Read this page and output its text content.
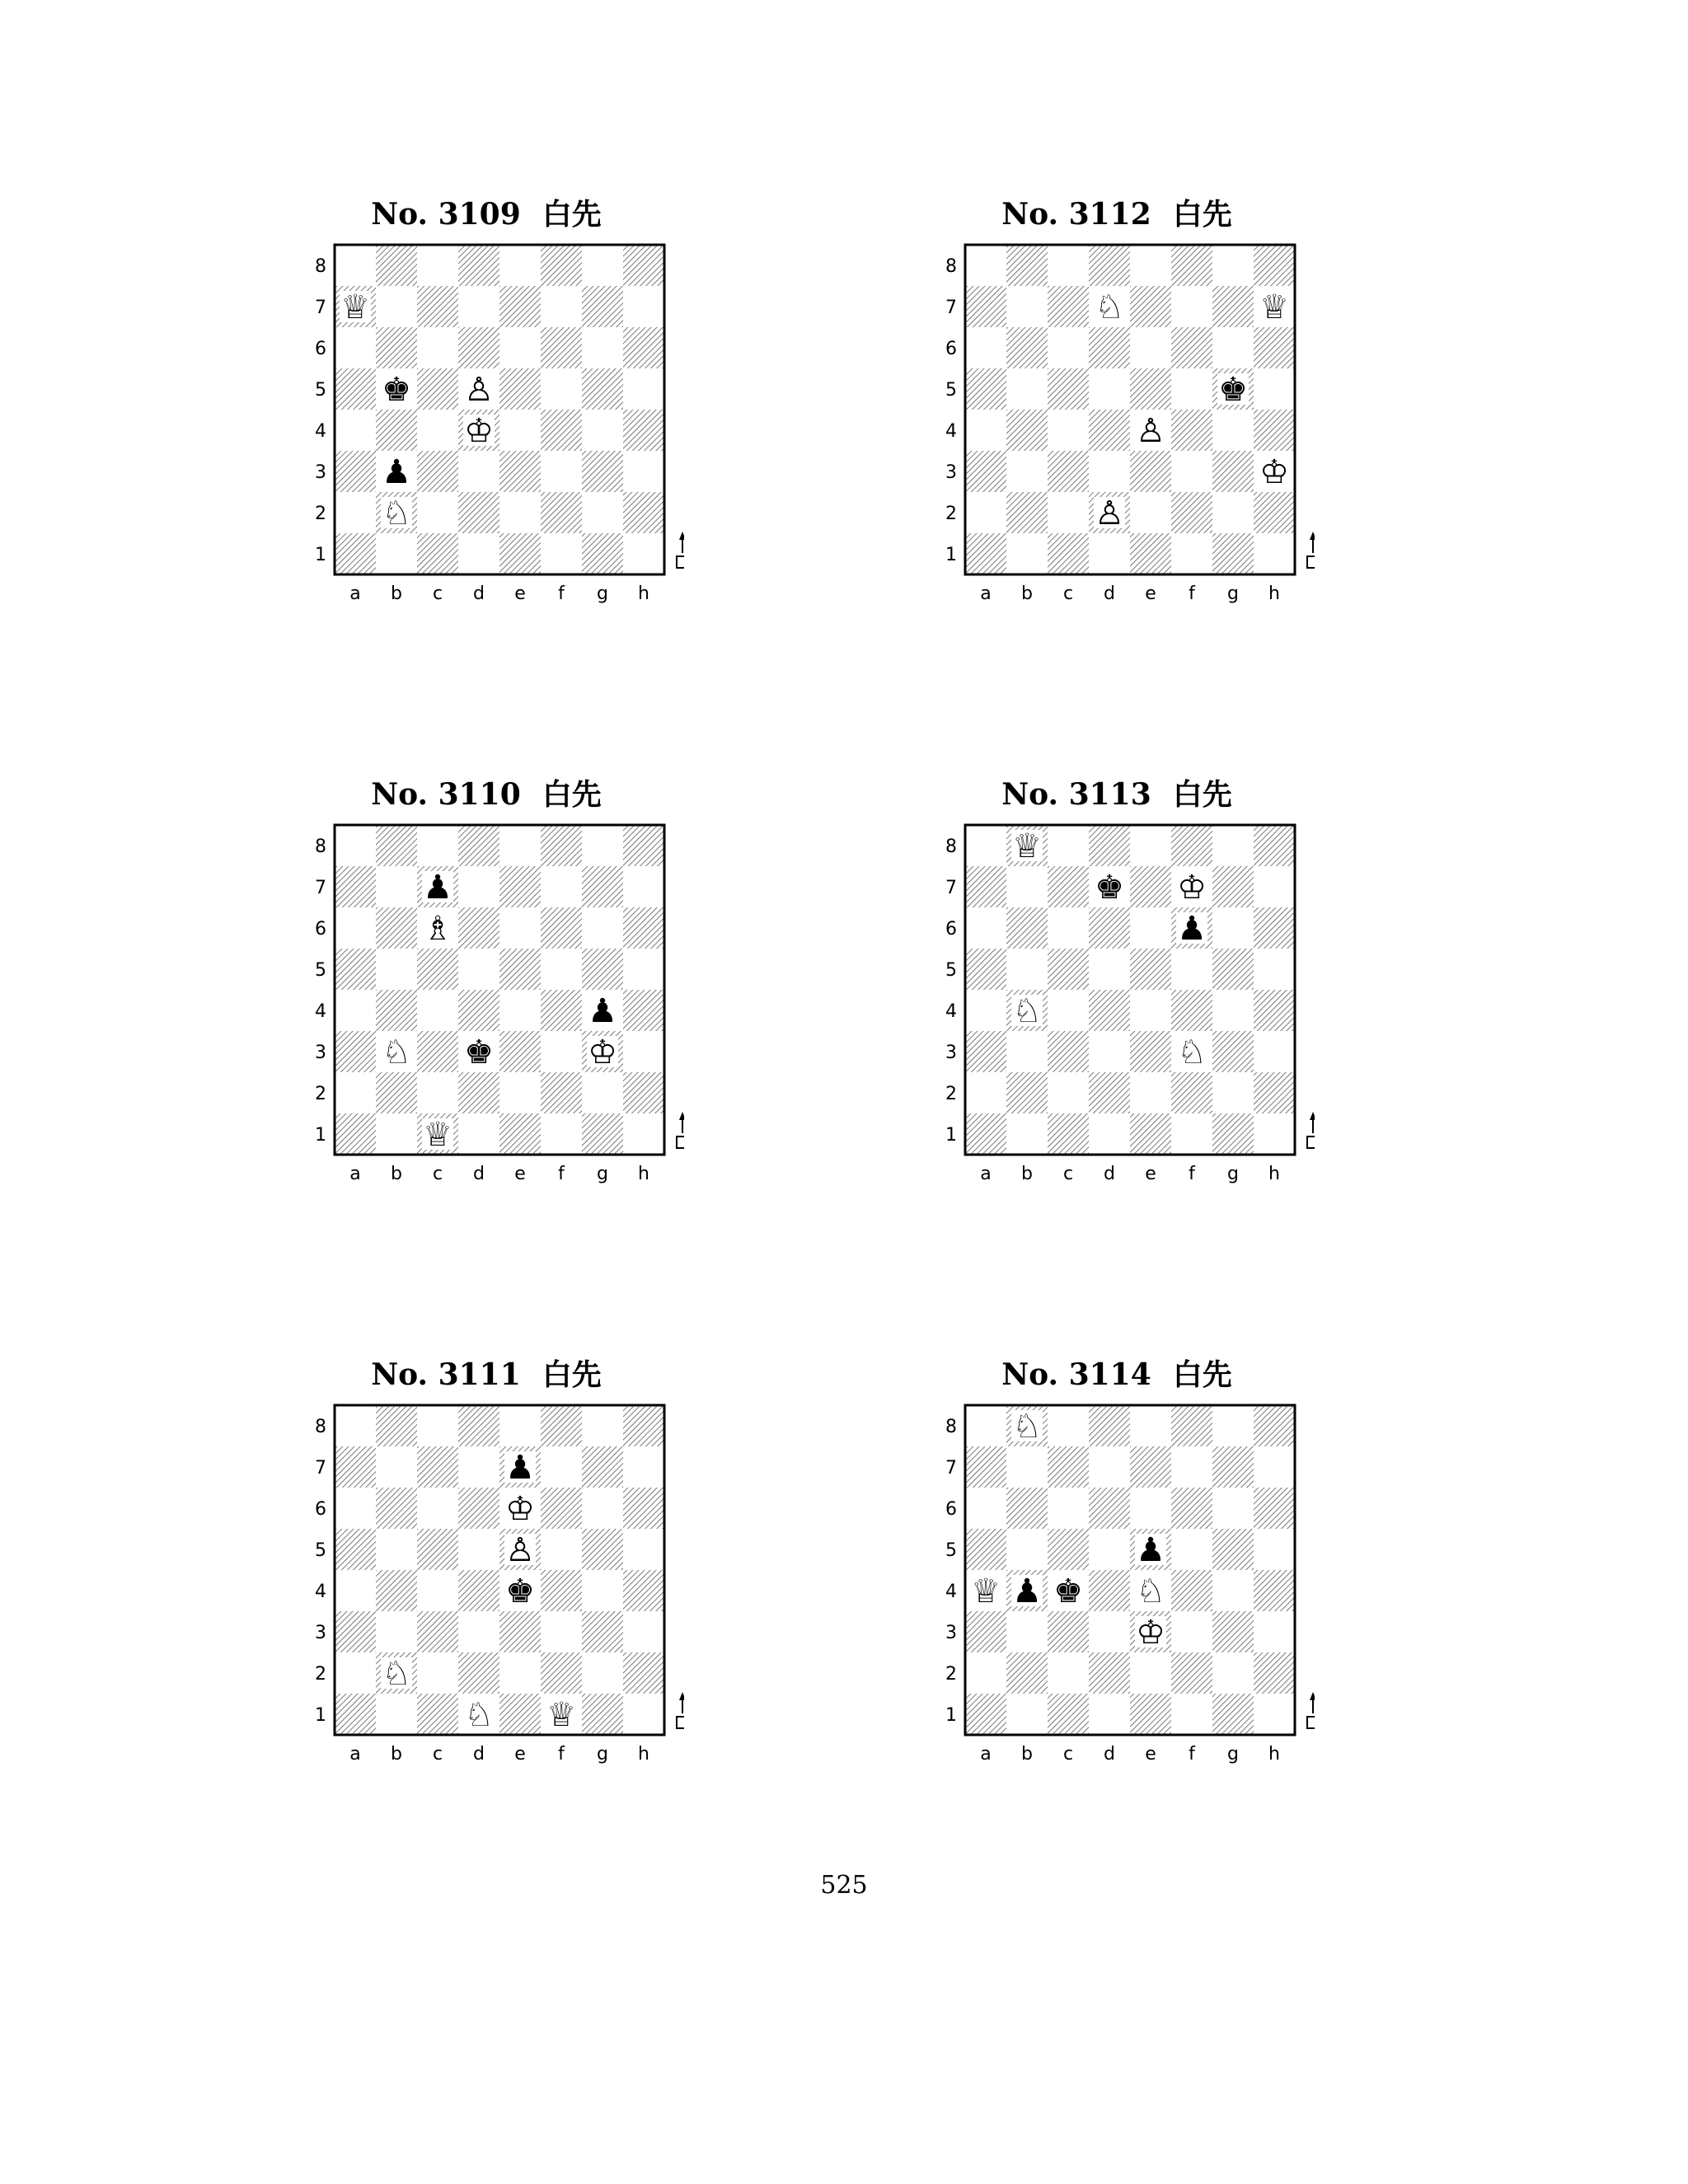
No. 3109 白先
8
7
6
5
4
3
2
1
a b c d e f g h
♕
♚ ♙
♔
♟
♘
No. 3112 白先
8
7
6
5
4
3
2
1
a b c d e f g h
♘	♕
♚
♙
♔
♙
No. 3110 白先
8
7
6
5
4
3
2
1
a b c d e f g h
♟
♗
♟
♘ ♚	♔
♕
No. 3113 白先
8
7
6
5
4
3
2
1
a b c d e f g h
♕
♚ ♔
♟
♘
♘
No. 3111 白先
8
7
6
5
4
3
2
1
a b c d e f g h
♟
♔
♙
♚
♘
♘ ♕
No. 3114 白先
8
7
6
5
4
3
2
1
a b c d e f g h
♘
♟
♕ ♟ ♚ ♘
♔
525
